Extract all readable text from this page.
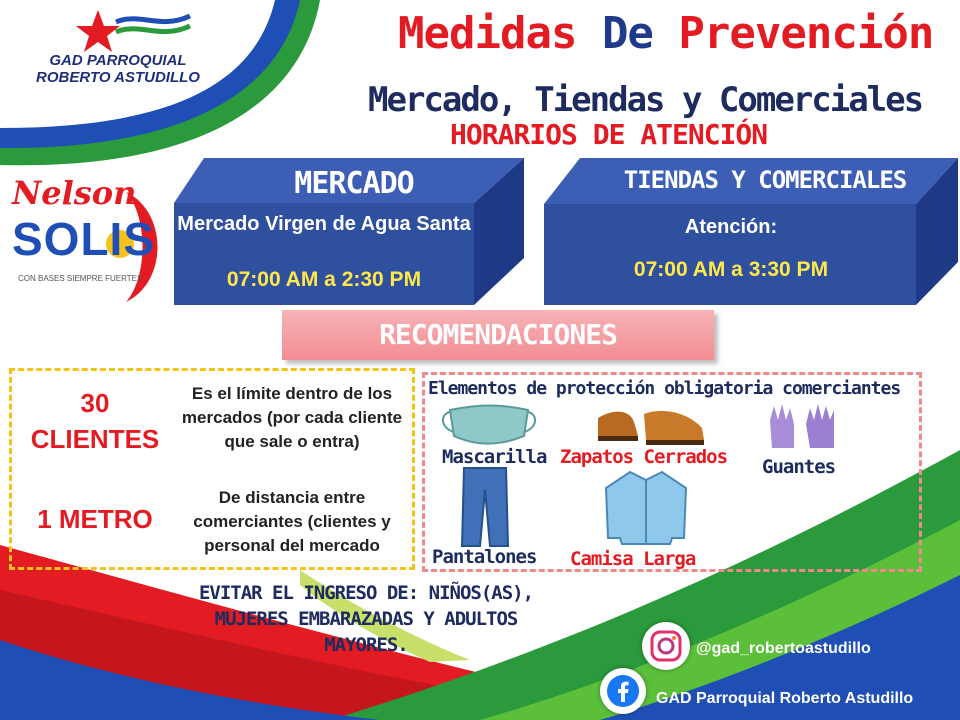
GAD PARROQUIAL
ROBERTO ASTUDILLO
Medidas De Prevención
Mercado, Tiendas y Comerciales
HORARIOS DE ATENCIÓN
Nelson
SOLIS
CON BASES SIEMPRE FUERTES
MERCADO
Mercado Virgen de Agua Santa
07:00 AM a 2:30 PM
TIENDAS Y COMERCIALES
Atención:
07:00 AM a 3:30 PM
RECOMENDACIONES
30
CLIENTES
Es el límite dentro de los mercados (por cada cliente que sale o entra)
1 METRO
De distancia entre comerciantes (clientes y personal del mercado
Elementos de protección obligatoria comerciantes
Mascarilla Zapatos Cerrados Guantes
Pantalones Camisa Larga
EVITAR EL INGRESO DE: NIÑOS(AS), MUJERES EMBARAZADAS Y ADULTOS MAYORES.	@gad_robertoastudillo
GAD Parroquial Roberto Astudillo
